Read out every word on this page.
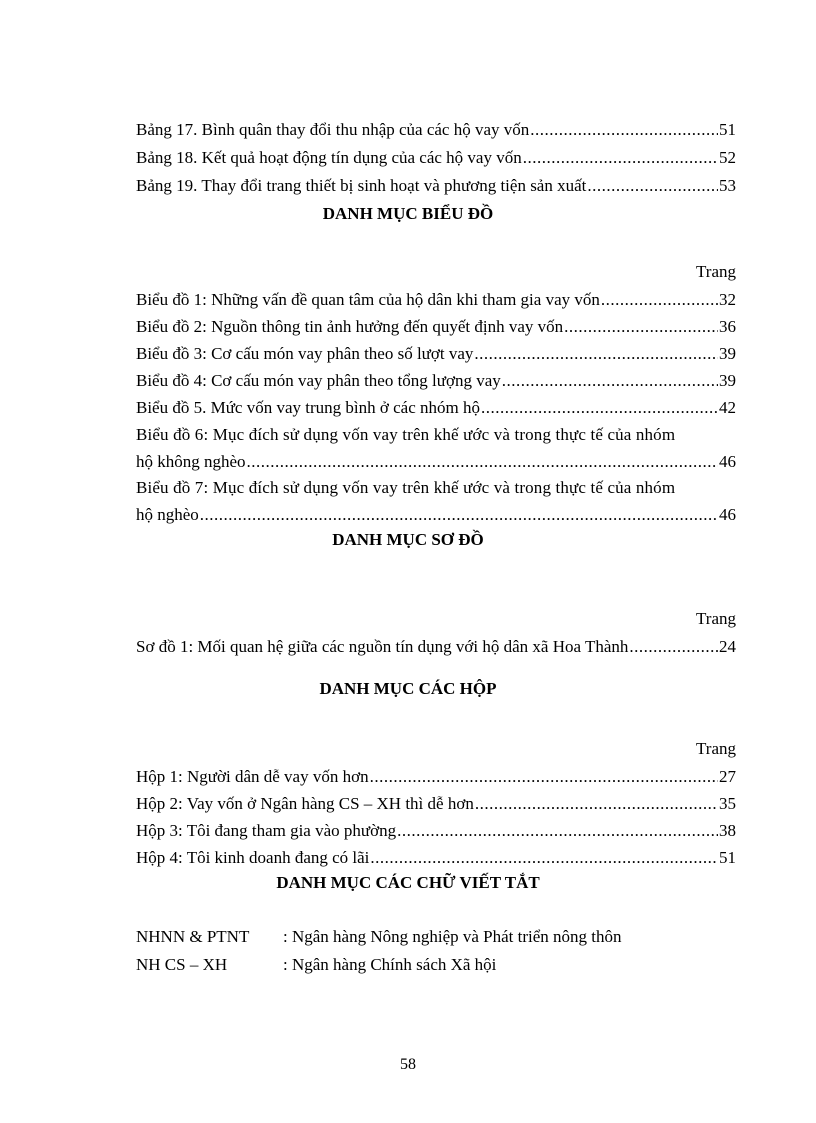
Bảng 17. Bình quân thay đổi thu nhập của các hộ vay vốn .....	51
Bảng 18. Kết quả hoạt động tín dụng của các hộ vay vốn .....	52
Bảng 19. Thay đổi trang thiết bị sinh hoạt và phương tiện sản xuất .....	53
DANH MỤC BIỂU ĐỒ
Trang
Biểu đồ 1: Những vấn đề quan tâm của hộ dân khi tham gia vay vốn .....	32
Biểu đồ 2: Nguồn thông tin ảnh hưởng đến quyết định vay vốn .....	36
Biểu đồ 3: Cơ cấu món vay phân theo số lượt vay .....	39
Biểu đồ 4: Cơ cấu món vay phân theo tổng lượng vay .....	39
Biểu đồ 5. Mức vốn vay trung bình ở các nhóm hộ .....	42
Biểu đồ 6: Mục đích sử dụng vốn vay trên khế ước và trong thực tế của nhóm
hộ không nghèo .....	46
Biểu đồ 7: Mục đích sử dụng vốn vay trên khế ước và trong thực tế của nhóm
hộ nghèo .....	46
DANH MỤC SƠ ĐỒ
Trang
Sơ đồ 1: Mối quan hệ giữa các nguồn tín dụng với hộ dân xã Hoa Thành .....	24
DANH MỤC CÁC HỘP
Trang
Hộp 1: Người dân dễ vay vốn hơn .....	27
Hộp 2: Vay vốn ở Ngân hàng CS – XH thì dễ hơn .....	35
Hộp 3: Tôi đang tham gia vào phường .....	38
Hộp 4: Tôi kinh doanh đang có lãi .....	51
DANH MỤC CÁC CHỮ VIẾT TẮT
NHNN & PTNT : Ngân hàng Nông nghiệp và Phát triển nông thôn
NH CS – XH	: Ngân hàng Chính sách Xã hội
58
